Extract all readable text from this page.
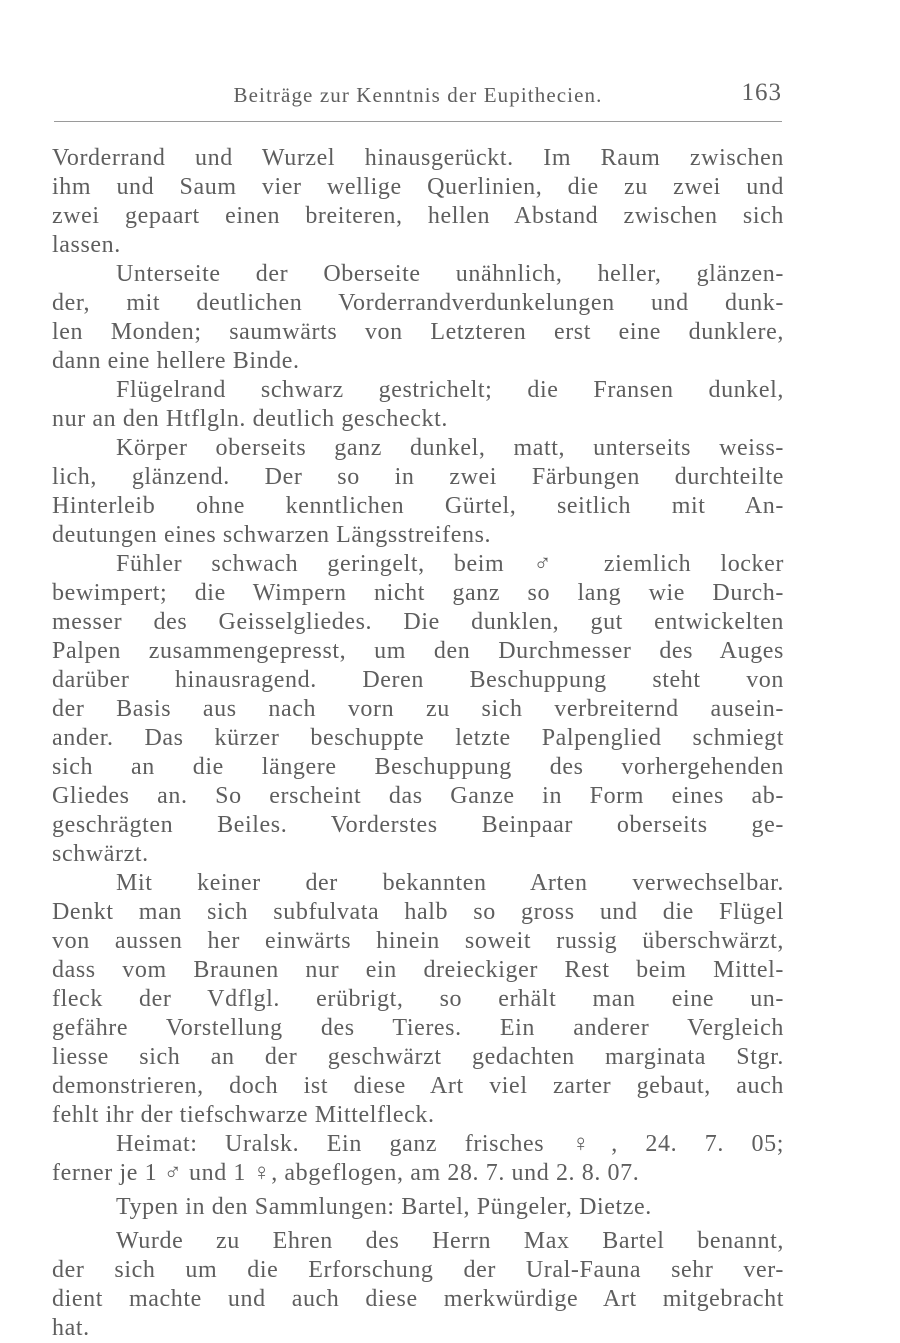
Beiträge zur Kenntnis der Eupithecien.	163
Vorderrand und Wurzel hinausgerückt. Im Raum zwischen
ihm und Saum vier wellige Querlinien, die zu zwei und
zwei gepaart einen breiteren, hellen Abstand zwischen sich
lassen.
Unterseite der Oberseite unähnlich, heller, glänzen-
der, mit deutlichen Vorderrandverdunkelungen und dunk-
len Monden; saumwärts von Letzteren erst eine dunklere,
dann eine hellere Binde.
Flügelrand schwarz gestrichelt; die Fransen dunkel,
nur an den Htflgln. deutlich gescheckt.
Körper oberseits ganz dunkel, matt, unterseits weiss-
lich, glänzend. Der so in zwei Färbungen durchteilte
Hinterleib ohne kenntlichen Gürtel, seitlich mit An-
deutungen eines schwarzen Längsstreifens.
Fühler schwach geringelt, beim ♂ ziemlich locker
bewimpert; die Wimpern nicht ganz so lang wie Durch-
messer des Geisselgliedes. Die dunklen, gut entwickelten
Palpen zusammengepresst, um den Durchmesser des Auges
darüber hinausragend. Deren Beschuppung steht von
der Basis aus nach vorn zu sich verbreiternd ausein-
ander. Das kürzer beschuppte letzte Palpenglied schmiegt
sich an die längere Beschuppung des vorhergehenden
Gliedes an. So erscheint das Ganze in Form eines ab-
geschrägten Beiles. Vorderstes Beinpaar oberseits ge-
schwärzt.
Mit keiner der bekannten Arten verwechselbar.
Denkt man sich subfulvata halb so gross und die Flügel
von aussen her einwärts hinein soweit russig überschwärzt,
dass vom Braunen nur ein dreieckiger Rest beim Mittel-
fleck der Vdflgl. erübrigt, so erhält man eine un-
gefähre Vorstellung des Tieres. Ein anderer Vergleich
liesse sich an der geschwärzt gedachten marginata Stgr.
demonstrieren, doch ist diese Art viel zarter gebaut, auch
fehlt ihr der tiefschwarze Mittelfleck.
Heimat: Uralsk. Ein ganz frisches ♀, 24. 7. 05;
ferner je 1 ♂ und 1 ♀, abgeflogen, am 28. 7. und 2. 8. 07.
Typen in den Sammlungen: Bartel, Püngeler, Dietze.
Wurde zu Ehren des Herrn Max Bartel benannt,
der sich um die Erforschung der Ural-Fauna sehr ver-
dient machte und auch diese merkwürdige Art mitgebracht
hat.
